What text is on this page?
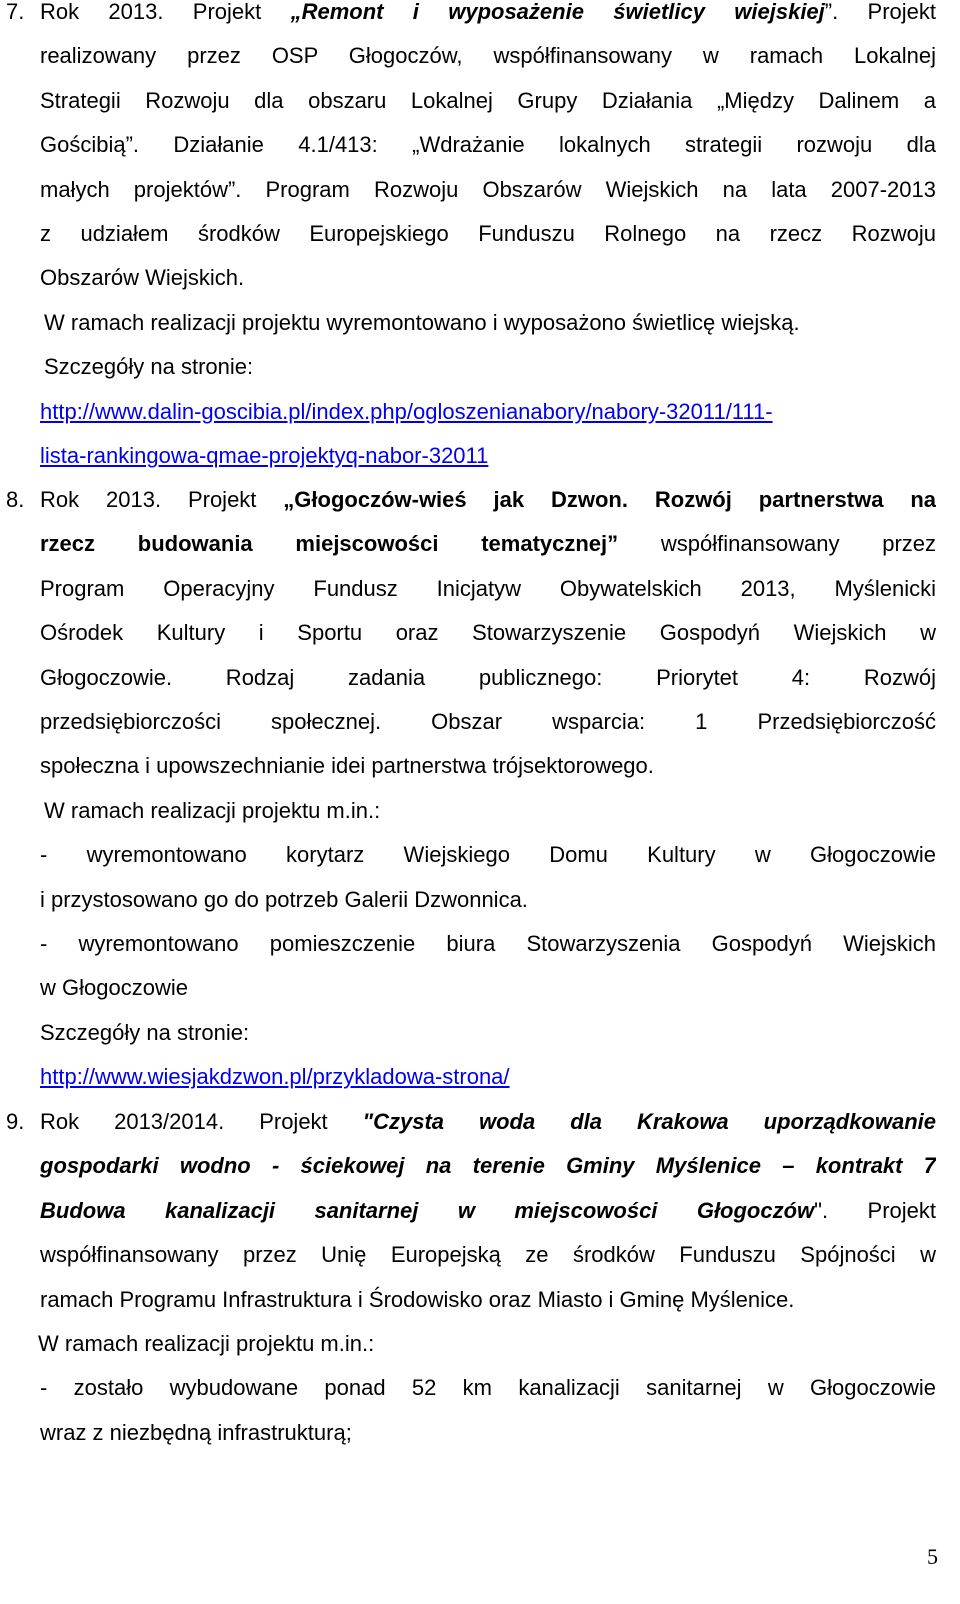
7. Rok 2013. Projekt „Remont i wyposażenie świetlicy wiejskiej”. Projekt
realizowany przez OSP Głogoczów, współfinansowany w ramach Lokalnej
Strategii Rozwoju dla obszaru Lokalnej Grupy Działania „Między Dalinem a
Gościbią”. Działanie 4.1/413: „Wdrażanie lokalnych strategii rozwoju dla
małych projektów”. Program Rozwoju Obszarów Wiejskich na lata 2007-2013
z udziałem środków Europejskiego Funduszu Rolnego na rzecz Rozwoju
Obszarów Wiejskich.
W ramach realizacji projektu wyremontowano i wyposażono świetlicę wiejską.
Szczegóły na stronie:
http://www.dalin-goscibia.pl/index.php/ogloszenianabory/nabory-32011/111-
lista-rankingowa-qmae-projektyq-nabor-32011
8. Rok 2013. Projekt „Głogoczów-wieś jak Dzwon. Rozwój partnerstwa na
rzecz budowania miejscowości tematycznej” współfinansowany przez
Program Operacyjny Fundusz Inicjatyw Obywatelskich 2013, Myślenicki
Ośrodek Kultury i Sportu oraz Stowarzyszenie Gospodyń Wiejskich w
Głogoczowie. Rodzaj zadania publicznego: Priorytet 4: Rozwój
przedsiębiorczości społecznej. Obszar wsparcia: 1 Przedsiębiorczość
społeczna i upowszechnianie idei partnerstwa trójsektorowego.
W ramach realizacji projektu m.in.:
- wyremontowano korytarz Wiejskiego Domu Kultury w Głogoczowie
i przystosowano go do potrzeb Galerii Dzwonnica.
- wyremontowano pomieszczenie biura Stowarzyszenia Gospodyń Wiejskich
w Głogoczowie
Szczegóły na stronie:
http://www.wiesjakdzwon.pl/przykladowa-strona/
9. Rok 2013/2014. Projekt "Czysta woda dla Krakowa uporządkowanie
gospodarki wodno - ściekowej na terenie Gminy Myślenice – kontrakt 7
Budowa kanalizacji sanitarnej w miejscowości Głogoczów". Projekt
współfinansowany przez Unię Europejską ze środków Funduszu Spójności w
ramach Programu Infrastruktura i Środowisko oraz Miasto i Gminę Myślenice.
W ramach realizacji projektu m.in.:
- zostało wybudowane ponad 52 km kanalizacji sanitarnej w Głogoczowie
wraz z niezbędną infrastrukturą;
5
